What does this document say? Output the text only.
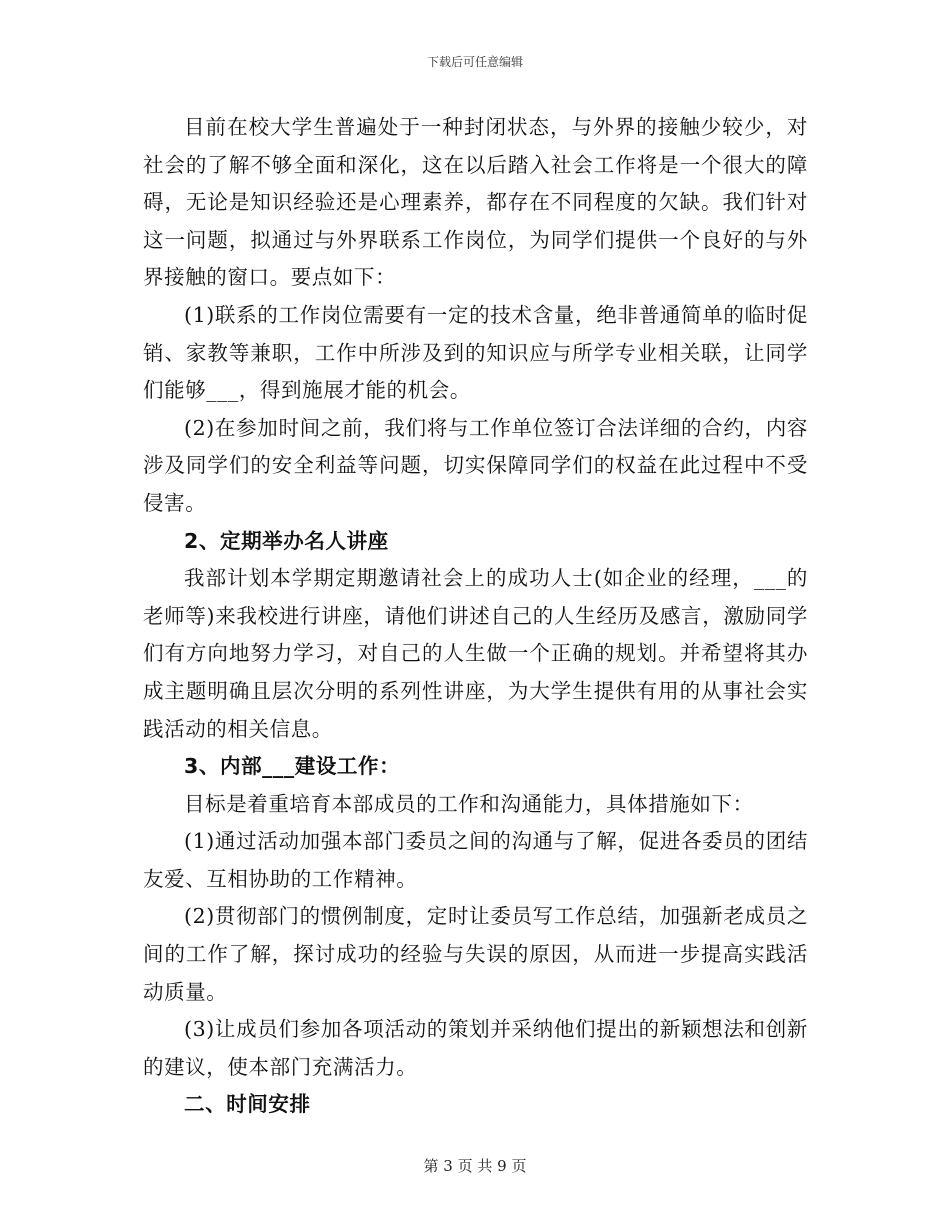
下载后可任意编辑

目前在校大学生普遍处于一种封闭状态，与外界的接触少较少，对社会的了解不够全面和深化，这在以后踏入社会工作将是一个很大的障碍，无论是知识经验还是心理素养，都存在不同程度的欠缺。我们针对这一问题，拟通过与外界联系工作岗位，为同学们提供一个良好的与外界接触的窗口。要点如下：

(1)联系的工作岗位需要有一定的技术含量，绝非普通简单的临时促销、家教等兼职，工作中所涉及到的知识应与所学专业相关联，让同学们能够___，得到施展才能的机会。

(2)在参加时间之前，我们将与工作单位签订合法详细的合约，内容涉及同学们的安全利益等问题，切实保障同学们的权益在此过程中不受侵害。

2、定期举办名人讲座

我部计划本学期定期邀请社会上的成功人士(如企业的经理，___的老师等)来我校进行讲座，请他们讲述自己的人生经历及感言，激励同学们有方向地努力学习，对自己的人生做一个正确的规划。并希望将其办成主题明确且层次分明的系列性讲座，为大学生提供有用的从事社会实践活动的相关信息。

3、内部___建设工作：

目标是着重培育本部成员的工作和沟通能力，具体措施如下：

(1)通过活动加强本部门委员之间的沟通与了解，促进各委员的团结友爱、互相协助的工作精神。

(2)贯彻部门的惯例制度，定时让委员写工作总结，加强新老成员之间的工作了解，探讨成功的经验与失误的原因，从而进一步提高实践活动质量。

(3)让成员们参加各项活动的策划并采纳他们提出的新颖想法和创新的建议，使本部门充满活力。

二、时间安排

第 3 页 共 9 页
